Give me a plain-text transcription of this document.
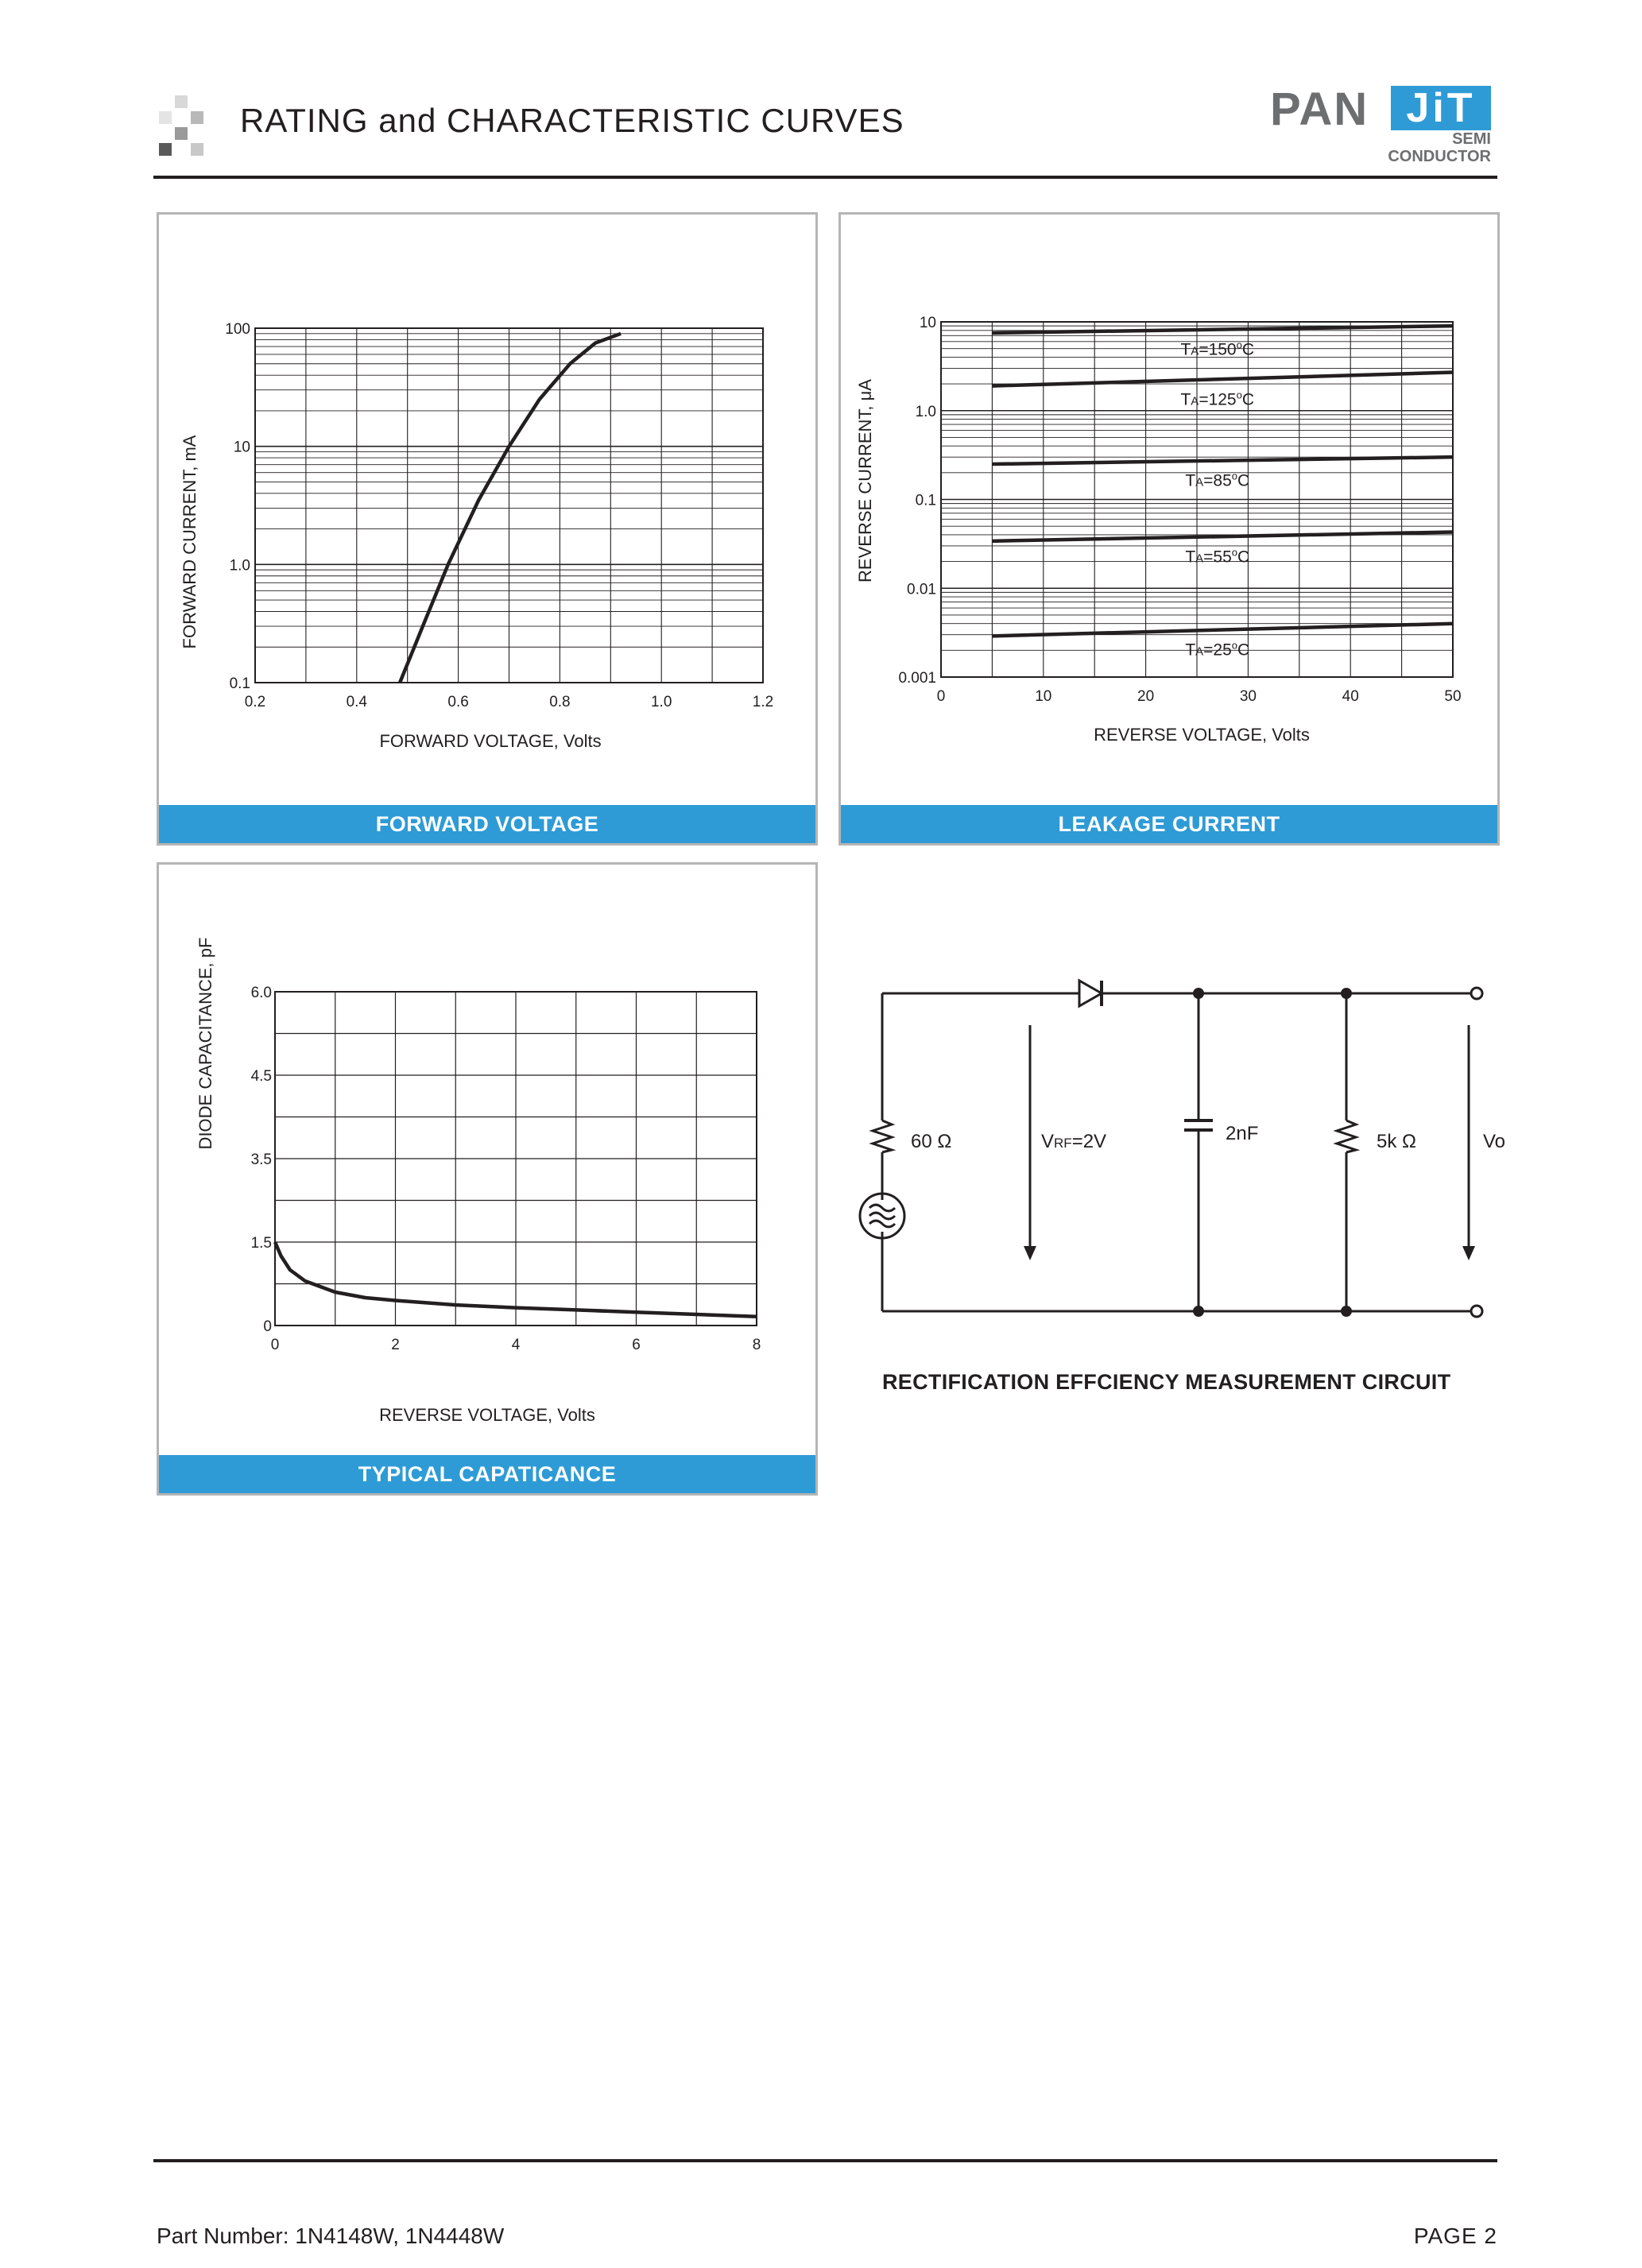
RATING and CHARACTERISTIC CURVES	PAN JiT
SEMI
CONDUCTOR
FORWARD CURRENT, mA
FORWARD VOLTAGE, Volts
0.1
1.0
10
100
0.2	0.4	0.6	0.8	1.0	1.2
FORWARD VOLTAGE
REVERSE CURRENT, μA
REVERSE VOLTAGE, Volts
0.001
0.01
0.1
1.0
10
0	10	20	30	40	50
$TA=150^oC$
$TA=125^oC$
$TA=85^oC$
$TA=55^oC$
$TA=25^oC$
LEAKAGE CURRENT
DIODE CAPACITANCE, pF
REVERSE VOLTAGE, Volts
0
1.5
3.5
4.5
6.0
0	2	4	6	8
TYPICAL CAPATICANCE
60 Ω	VRF=2V	2nF	5k Ω	Vo
RECTIFICATION EFFCIENCY MEASUREMENT CIRCUIT
Part Number: 1N4148W, 1N4448W	PAGE 2
